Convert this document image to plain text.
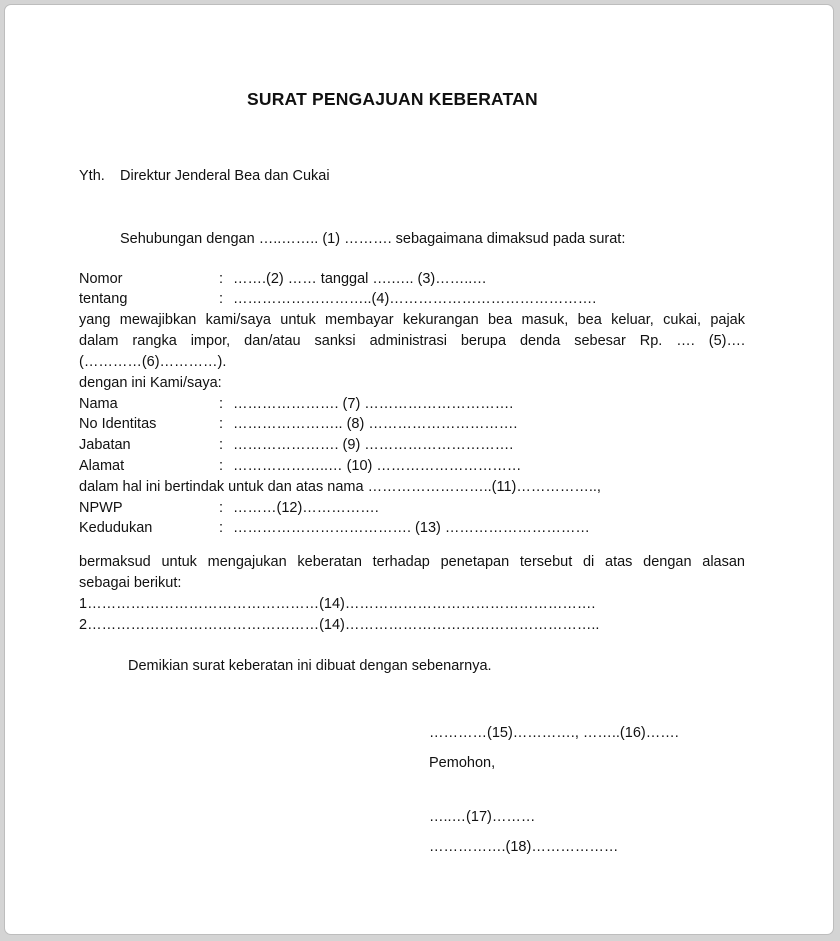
SURAT PENGAJUAN KEBERATAN
Yth. Direktur Jenderal Bea dan Cukai
Sehubungan dengan …..…….. (1) ………. sebagaimana dimaksud pada surat:
Nomor	: …….(2) …… tanggal ….….. (3)……..…
tentang	: ………………………..(4)…………………………………….
yang mewajibkan kami/saya untuk membayar kekurangan bea masuk, bea keluar, cukai, pajak
dalam rangka impor, dan/atau sanksi administrasi berupa denda sebesar Rp. …. (5)….
(…………(6)…………).
dengan ini Kami/saya:
Nama	: …………………. (7) ………………………….
No Identitas	: ………………….. (8) ………………………….
Jabatan	: …………………. (9) ………………………….
Alamat	: ………………..… (10) …………………………
dalam hal ini bertindak untuk dan atas nama ……………………..(11)……………..,
NPWP	: ………(12)…………….
Kedudukan	: ………………………………. (13) …………………………
bermaksud untuk mengajukan keberatan terhadap penetapan tersebut di atas dengan alasan
sebagai berikut:
1…………………………………………(14)…………………………………………….
2…………………………………………(14)……………………………………………..
Demikian surat keberatan ini dibuat dengan sebenarnya.
…………(15)…………., ……..(16)…….
Pemohon,
…..…(17)………
…………….(18)………………
